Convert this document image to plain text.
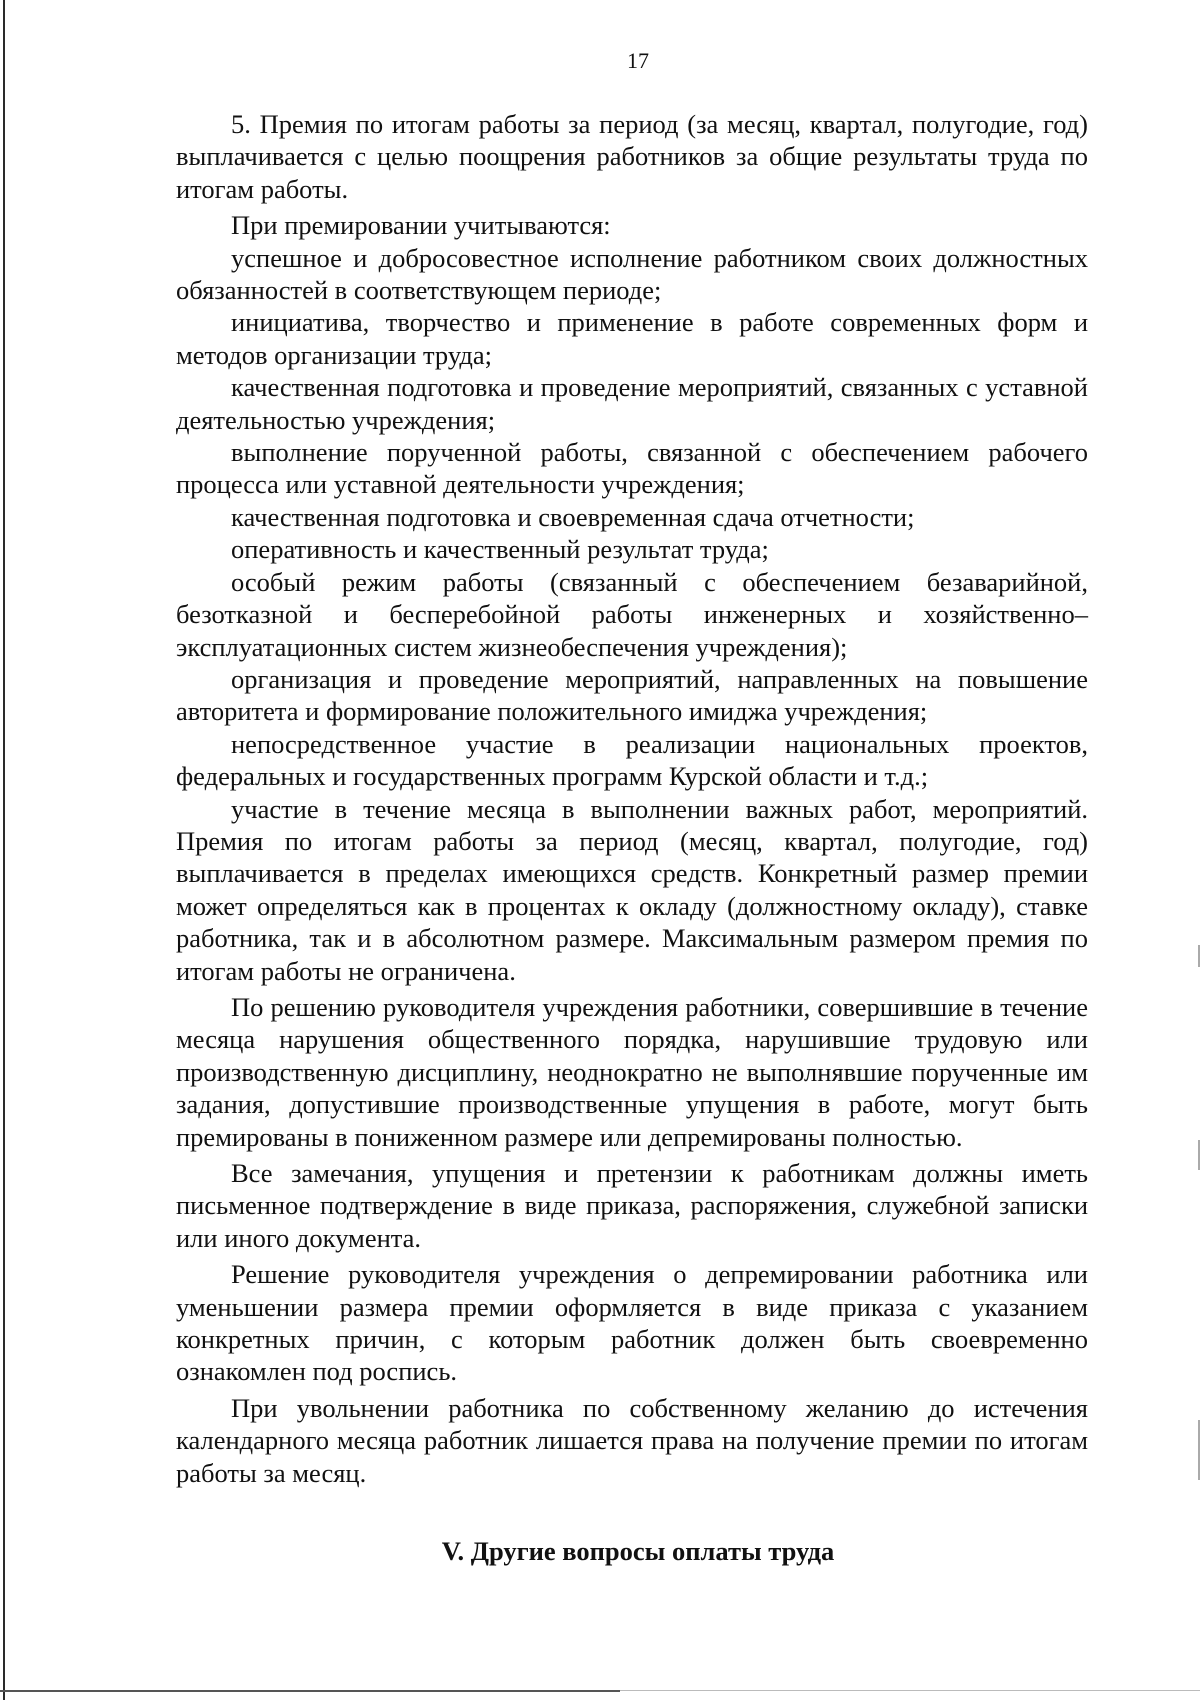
17

5. Премия по итогам работы за период (за месяц, квартал, полугодие, год) выплачивается с целью поощрения работников за общие результаты труда по итогам работы.

При премировании учитываются:

успешное и добросовестное исполнение работником своих должностных обязанностей в соответствующем периоде;

инициатива, творчество и применение в работе современных форм и методов организации труда;

качественная подготовка и проведение мероприятий, связанных с уставной деятельностью учреждения;

выполнение порученной работы, связанной с обеспечением рабочего процесса или уставной деятельности учреждения;

качественная подготовка и своевременная сдача отчетности;

оперативность и качественный результат труда;

особый режим работы (связанный с обеспечением безаварийной, безотказной и бесперебойной работы инженерных и хозяйственно–эксплуатационных систем жизнеобеспечения учреждения);

организация и проведение мероприятий, направленных на повышение авторитета и формирование положительного имиджа учреждения;

непосредственное участие в реализации национальных проектов, федеральных и государственных программ Курской области и т.д.;

участие в течение месяца в выполнении важных работ, мероприятий. Премия по итогам работы за период (месяц, квартал, полугодие, год) выплачивается в пределах имеющихся средств. Конкретный размер премии может определяться как в процентах к окладу (должностному окладу), ставке работника, так и в абсолютном размере. Максимальным размером премия по итогам работы не ограничена.

По решению руководителя учреждения работники, совершившие в течение месяца нарушения общественного порядка, нарушившие трудовую или производственную дисциплину, неоднократно не выполнявшие порученные им задания, допустившие производственные упущения в работе, могут быть премированы в пониженном размере или депремированы полностью.

Все замечания, упущения и претензии к работникам должны иметь письменное подтверждение в виде приказа, распоряжения, служебной записки или иного документа.

Решение руководителя учреждения о депремировании работника или уменьшении размера премии оформляется в виде приказа с указанием конкретных причин, с которым работник должен быть своевременно ознакомлен под роспись.

При увольнении работника по собственному желанию до истечения календарного месяца работник лишается права на получение премии по итогам работы за месяц.

V. Другие вопросы оплаты труда
